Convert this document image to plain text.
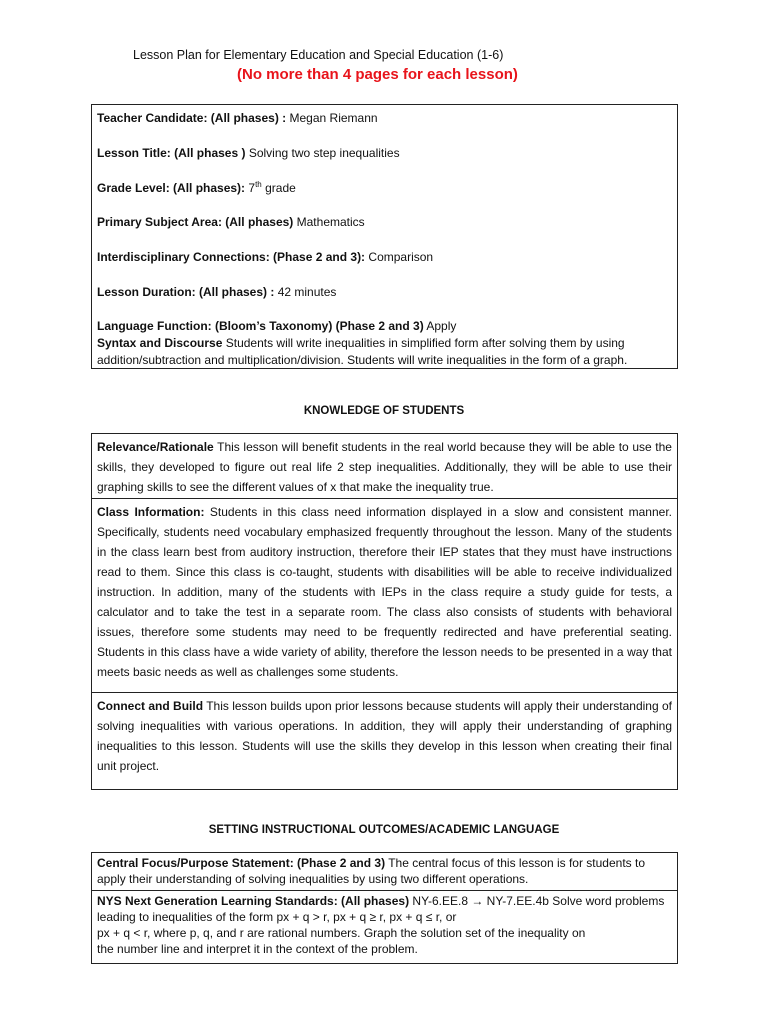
Lesson Plan for Elementary Education and Special Education (1-6)
(No more than 4 pages for each lesson)
Teacher Candidate: (All phases) : Megan Riemann
Lesson Title: (All phases ) Solving two step inequalities
Grade Level: (All phases): 7th grade
Primary Subject Area: (All phases) Mathematics
Interdisciplinary Connections: (Phase 2 and 3): Comparison
Lesson Duration: (All phases) : 42 minutes
Language Function: (Bloom’s Taxonomy) (Phase 2 and 3) Apply
Syntax and Discourse Students will write inequalities in simplified form after solving them by using
addition/subtraction and multiplication/division. Students will write inequalities in the form of a graph.
KNOWLEDGE OF STUDENTS
Relevance/Rationale This lesson will benefit students in the real world because they will be able to use the skills, they developed to figure out real life 2 step inequalities. Additionally, they will be able to use their graphing skills to see the different values of x that make the inequality true.
Class Information: Students in this class need information displayed in a slow and consistent manner. Specifically, students need vocabulary emphasized frequently throughout the lesson. Many of the students in the class learn best from auditory instruction, therefore their IEP states that they must have instructions read to them. Since this class is co-taught, students with disabilities will be able to receive individualized instruction. In addition, many of the students with IEPs in the class require a study guide for tests, a calculator and to take the test in a separate room. The class also consists of students with behavioral issues, therefore some students may need to be frequently redirected and have preferential seating. Students in this class have a wide variety of ability, therefore the lesson needs to be presented in a way that meets basic needs as well as challenges some students.
Connect and Build This lesson builds upon prior lessons because students will apply their understanding of solving inequalities with various operations. In addition, they will apply their understanding of graphing inequalities to this lesson. Students will use the skills they develop in this lesson when creating their final unit project.
SETTING INSTRUCTIONAL OUTCOMES/ACADEMIC LANGUAGE
Central Focus/Purpose Statement: (Phase 2 and 3) The central focus of this lesson is for students to
apply their understanding of solving inequalities by using two different operations.
NYS Next Generation Learning Standards: (All phases) NY-6.EE.8 → NY-7.EE.4b Solve word problems
leading to inequalities of the form px + q > r, px + q ≥ r, px + q ≤ r, or
px + q < r, where p, q, and r are rational numbers. Graph the solution set of the inequality on
the number line and interpret it in the context of the problem.
